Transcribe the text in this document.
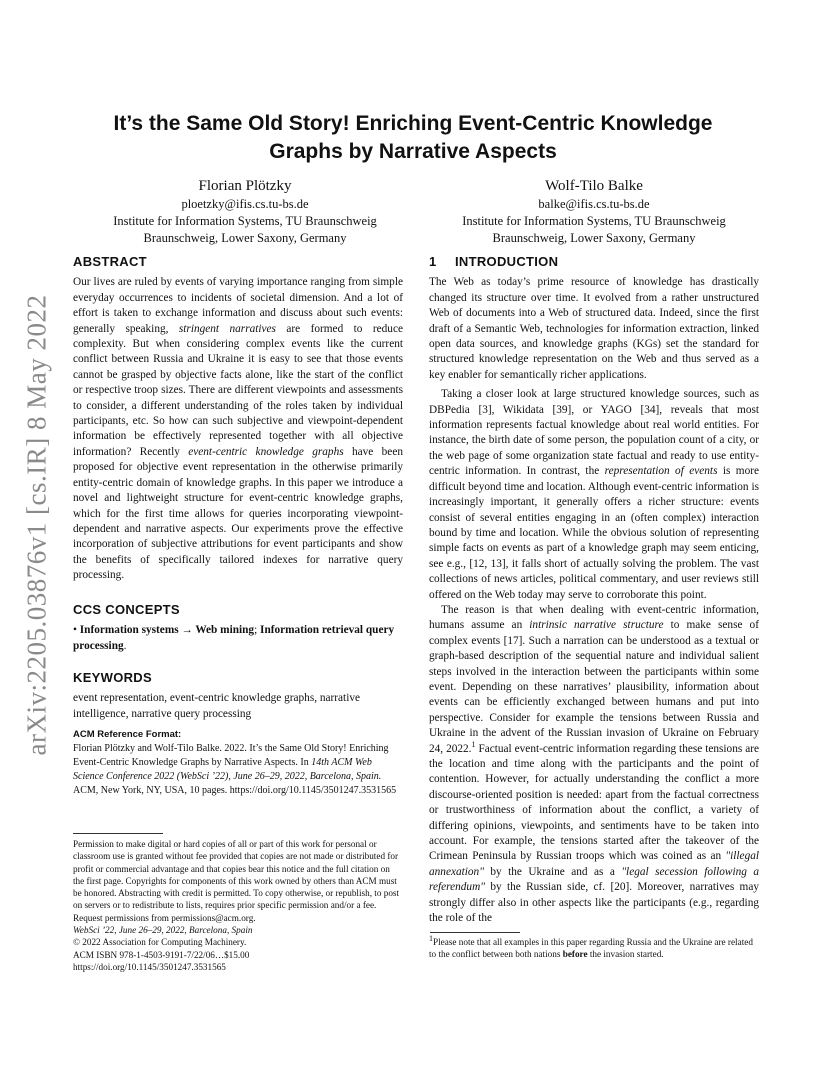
arXiv:2205.03876v1 [cs.IR] 8 May 2022
It’s the Same Old Story! Enriching Event-Centric Knowledge Graphs by Narrative Aspects
Florian Plötzky
ploetzky@ifis.cs.tu-bs.de
Institute for Information Systems, TU Braunschweig
Braunschweig, Lower Saxony, Germany
Wolf-Tilo Balke
balke@ifis.cs.tu-bs.de
Institute for Information Systems, TU Braunschweig
Braunschweig, Lower Saxony, Germany
ABSTRACT

Our lives are ruled by events of varying importance ranging from simple everyday occurrences to incidents of societal dimension. And a lot of effort is taken to exchange information and discuss about such events: generally speaking, stringent narratives are formed to reduce complexity. But when considering complex events like the current conflict between Russia and Ukraine it is easy to see that those events cannot be grasped by objective facts alone, like the start of the conflict or respective troop sizes. There are different viewpoints and assessments to consider, a different understanding of the roles taken by individual participants, etc. So how can such subjective and viewpoint-dependent information be effectively represented together with all objective information? Recently event-centric knowledge graphs have been proposed for objective event representation in the otherwise primarily entity-centric domain of knowledge graphs. In this paper we introduce a novel and lightweight structure for event-centric knowledge graphs, which for the first time allows for queries incorporating viewpoint-dependent and narrative aspects. Our experiments prove the effective incorporation of subjective attributions for event participants and show the benefits of specifically tailored indexes for narrative query processing.

CCS CONCEPTS

• Information systems → Web mining; Information retrieval query processing.

KEYWORDS

event representation, event-centric knowledge graphs, narrative intelligence, narrative query processing

ACM Reference Format:

Florian Plötzky and Wolf-Tilo Balke. 2022. It’s the Same Old Story! Enriching Event-Centric Knowledge Graphs by Narrative Aspects. In 14th ACM Web Science Conference 2022 (WebSci ’22), June 26–29, 2022, Barcelona, Spain. ACM, New York, NY, USA, 10 pages. https://doi.org/10.1145/3501247.3531565

Permission to make digital or hard copies of all or part of this work for personal or classroom use is granted without fee provided that copies are not made or distributed for profit or commercial advantage and that copies bear this notice and the full citation on the first page. Copyrights for components of this work owned by others than ACM must be honored. Abstracting with credit is permitted. To copy otherwise, or republish, to post on servers or to redistribute to lists, requires prior specific permission and/or a fee. Request permissions from permissions@acm.org.

WebSci ’22, June 26–29, 2022, Barcelona, Spain

© 2022 Association for Computing Machinery.

ACM ISBN 978-1-4503-9191-7/22/06…$15.00

https://doi.org/10.1145/3501247.3531565

1 INTRODUCTION

The Web as today’s prime resource of knowledge has drastically changed its structure over time. It evolved from a rather unstructured Web of documents into a Web of structured data. Indeed, since the first draft of a Semantic Web, technologies for information extraction, linked open data sources, and knowledge graphs (KGs) set the standard for structured knowledge representation on the Web and thus served as a key enabler for semantically richer applications.

Taking a closer look at large structured knowledge sources, such as DBPedia [3], Wikidata [39], or YAGO [34], reveals that most information represents factual knowledge about real world entities. For instance, the birth date of some person, the population count of a city, or the web page of some organization state factual and ready to use entity-centric information. In contrast, the representation of events is more difficult beyond time and location. Although event-centric information is increasingly important, it generally offers a richer structure: events consist of several entities engaging in an (often complex) interaction bound by time and location. While the obvious solution of representing simple facts on events as part of a knowledge graph may seem enticing, see e.g., [12, 13], it falls short of actually solving the problem. The vast collections of news articles, political commentary, and user reviews still offered on the Web today may serve to corroborate this point.

The reason is that when dealing with event-centric information, humans assume an intrinsic narrative structure to make sense of complex events [17]. Such a narration can be understood as a textual or graph-based description of the sequential nature and individual salient steps involved in the interaction between the participants within some event. Depending on these narratives’ plausibility, information about events can be efficiently exchanged between humans and put into perspective. Consider for example the tensions between Russia and Ukraine in the advent of the Russian invasion of Ukraine on February 24, 2022.$^1$ Factual event-centric information regarding these tensions are the location and time along with the participants and the point of contention. However, for actually understanding the conflict a more discourse-oriented position is needed: apart from the factual correctness or trustworthiness of information about the conflict, a variety of differing opinions, viewpoints, and sentiments have to be taken into account. For example, the tensions started after the takeover of the Crimean Peninsula by Russian troops which was coined as an "illegal annexation" by the Ukraine and as a "legal secession following a referendum" by the Russian side, cf. [20]. Moreover, narratives may strongly differ also in other aspects like the participants (e.g., regarding the role of the

$^1$Please note that all examples in this paper regarding Russia and the Ukraine are related to the conflict between both nations before the invasion started.
